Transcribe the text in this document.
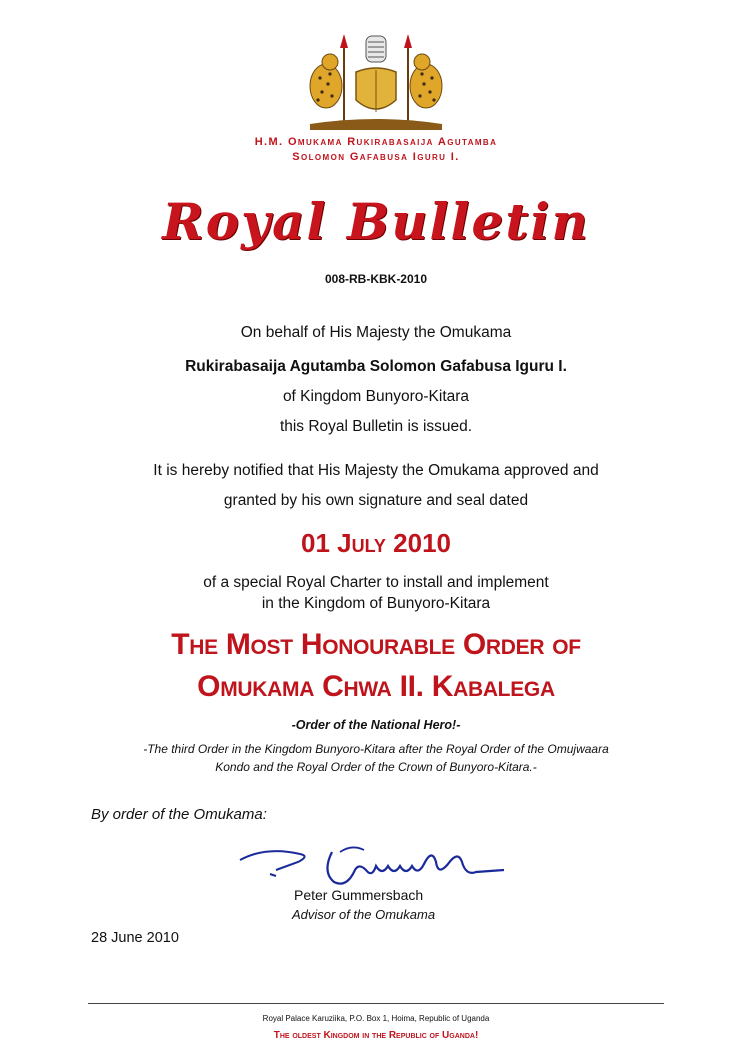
H.M. Omukama Rukirabasaija Agutamba
Solomon Gafabusa Iguru I.
Royal Bulletin
008-RB-KBK-2010
On behalf of His Majesty the Omukama
Rukirabasaija Agutamba Solomon Gafabusa Iguru I.
of Kingdom Bunyoro-Kitara
this Royal Bulletin is issued.
It is hereby notified that His Majesty the Omukama approved and
granted by his own signature and seal dated
01 July 2010
of a special Royal Charter to install and implement
in the Kingdom of Bunyoro-Kitara
The Most Honourable Order of
Omukama Chwa II. Kabalega
-Order of the National Hero!-
-The third Order in the Kingdom Bunyoro-Kitara after the Royal Order of the Omujwaara
Kondo and the Royal Order of the Crown of Bunyoro-Kitara.-
By order of the Omukama:
Peter Gummersbach
Advisor of the Omukama
28 June 2010
Royal Palace Karuziika, P.O. Box 1, Hoima, Republic of Uganda
The oldest Kingdom in the Republic of Uganda!
